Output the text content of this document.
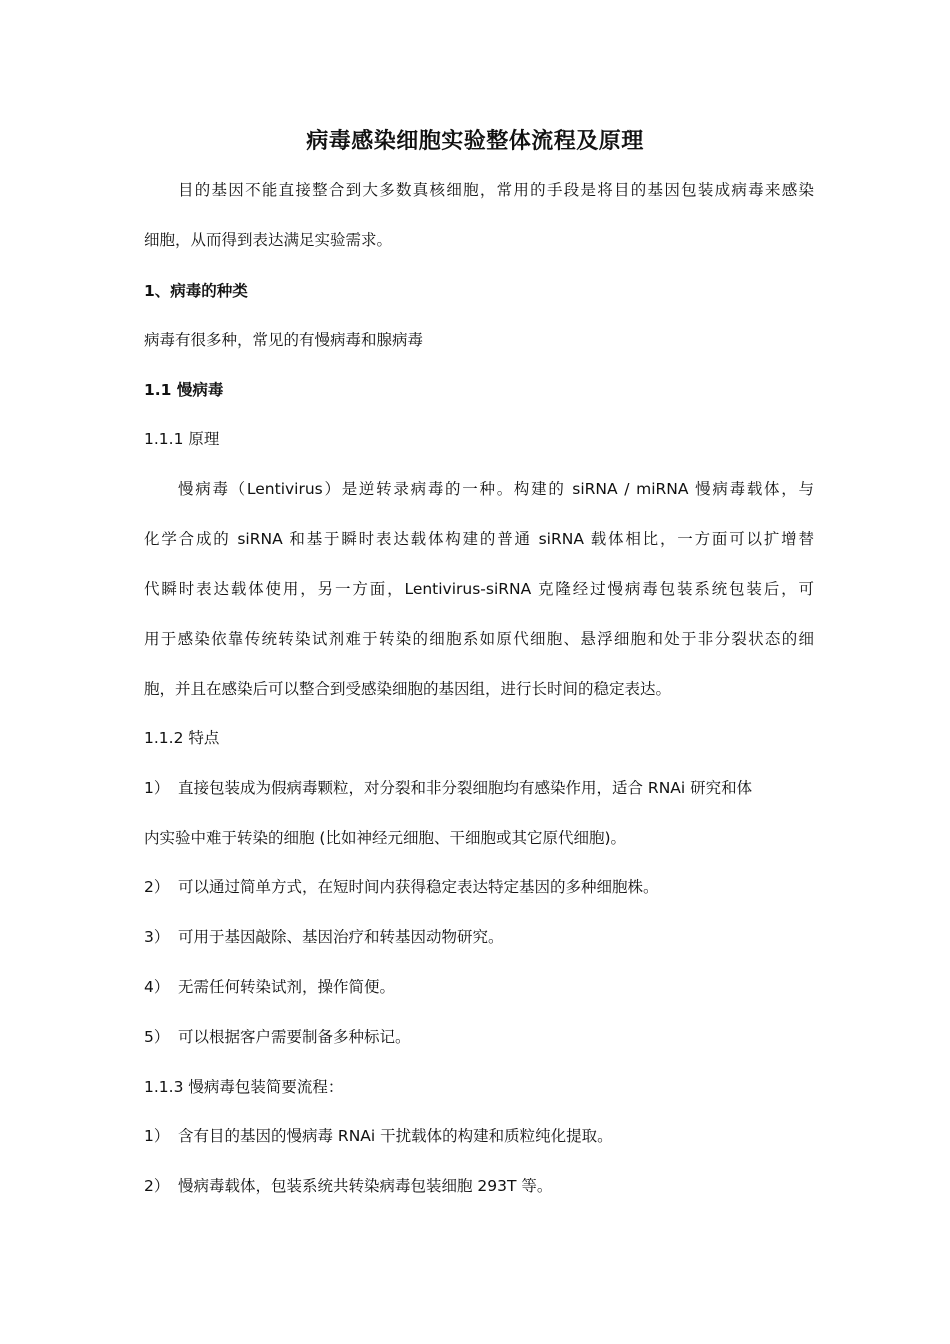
病毒感染细胞实验整体流程及原理
目的基因不能直接整合到大多数真核细胞，常用的手段是将目的基因包装成病毒来感染
细胞，从而得到表达满足实验需求。
1、病毒的种类
病毒有很多种，常见的有慢病毒和腺病毒
1.1 慢病毒
1.1.1 原理
慢病毒（Lentivirus）是逆转录病毒的一种。构建的 siRNA / miRNA 慢病毒载体，与
化学合成的 siRNA 和基于瞬时表达载体构建的普通 siRNA 载体相比，一方面可以扩增替
代瞬时表达载体使用，另一方面，Lentivirus-siRNA 克隆经过慢病毒包装系统包装后，可
用于感染依靠传统转染试剂难于转染的细胞系如原代细胞、悬浮细胞和处于非分裂状态的细
胞，并且在感染后可以整合到受感染细胞的基因组，进行长时间的稳定表达。
1.1.2 特点
1） 直接包装成为假病毒颗粒，对分裂和非分裂细胞均有感染作用，适合 RNAi 研究和体
内实验中难于转染的细胞 (比如神经元细胞、干细胞或其它原代细胞)。
2） 可以通过简单方式，在短时间内获得稳定表达特定基因的多种细胞株。
3） 可用于基因敲除、基因治疗和转基因动物研究。
4） 无需任何转染试剂，操作简便。
5） 可以根据客户需要制备多种标记。
1.1.3 慢病毒包装简要流程：
1） 含有目的基因的慢病毒 RNAi 干扰载体的构建和质粒纯化提取。
2） 慢病毒载体，包装系统共转染病毒包装细胞 293T 等。
